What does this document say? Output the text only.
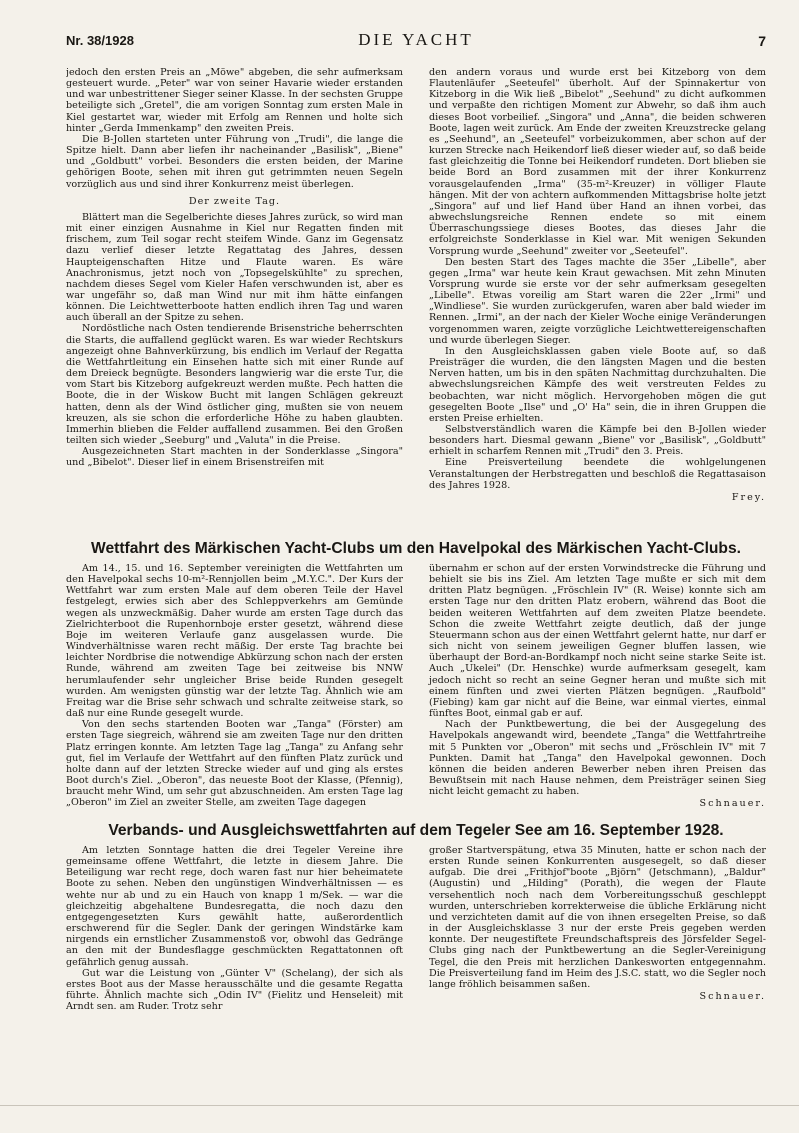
Nr. 38/1928	DIE YACHT	7

jedoch den ersten Preis an „Möwe" abgeben, die sehr aufmerksam gesteuert wurde. „Peter" war von seiner Havarie wieder erstanden und war unbestrittener Sieger seiner Klasse. In der sechsten Gruppe beteiligte sich „Gretel", die am vorigen Sonntag zum ersten Male in Kiel gestartet war, wieder mit Erfolg am Rennen und holte sich hinter „Gerda Immenkamp" den zweiten Preis.

Die B-Jollen starteten unter Führung von „Trudi", die lange die Spitze hielt. Dann aber liefen ihr nacheinander „Basilisk", „Biene" und „Goldbutt" vorbei. Besonders die ersten beiden, der Marine gehörigen Boote, sehen mit ihren gut getrimmten neuen Segeln vorzüglich aus und sind ihrer Konkurrenz meist überlegen.

Der zweite Tag.

Blättert man die Segelberichte dieses Jahres zurück, so wird man mit einer einzigen Ausnahme in Kiel nur Regatten finden mit frischem, zum Teil sogar recht steifem Winde. Ganz im Gegensatz dazu verlief dieser letzte Regattatag des Jahres, dessen Haupteigenschaften Hitze und Flaute waren. Es wäre Anachronismus, jetzt noch von „Topsegelskühlte" zu sprechen, nachdem dieses Segel vom Kieler Hafen verschwunden ist, aber es war ungefähr so, daß man Wind nur mit ihm hätte einfangen können. Die Leichtwetterboote hatten endlich ihren Tag und waren auch überall an der Spitze zu sehen.

Nordöstliche nach Osten tendierende Brisenstriche beherrschten die Starts, die auffallend geglückt waren. Es war wieder Rechtskurs angezeigt ohne Bahnverkürzung, bis endlich im Verlauf der Regatta die Wettfahrtleitung ein Einsehen hatte sich mit einer Runde auf dem Dreieck begnügte. Besonders langwierig war die erste Tur, die vom Start bis Kitzeborg aufgekreuzt werden mußte. Pech hatten die Boote, die in der Wiskow Bucht mit langen Schlägen gekreuzt hatten, denn als der Wind östlicher ging, mußten sie von neuem kreuzen, als sie schon die erforderliche Höhe zu haben glaubten. Immerhin blieben die Felder auffallend zusammen. Bei den Großen teilten sich wieder „Seeburg" und „Valuta" in die Preise.

Ausgezeichneten Start machten in der Sonderklasse „Singora" und „Bibelot". Dieser lief in einem Brisenstreifen mit

den andern voraus und wurde erst bei Kitzeborg von dem Flautenläufer „Seeteufel" überholt. Auf der Spinnakertur von Kitzeborg in die Wik ließ „Bibelot" „Seehund" zu dicht aufkommen und verpaßte den richtigen Moment zur Abwehr, so daß ihm auch dieses Boot vorbeilief. „Singora" und „Anna", die beiden schweren Boote, lagen weit zurück. Am Ende der zweiten Kreuzstrecke gelang es „Seehund", an „Seeteufel" vorbeizukommen, aber schon auf der kurzen Strecke nach Heikendorf ließ dieser wieder auf, so daß beide fast gleichzeitig die Tonne bei Heikendorf rundeten. Dort blieben sie beide Bord an Bord zusammen mit der ihrer Konkurrenz vorausgelaufenden „Irma" (35-m²-Kreuzer) in völliger Flaute hängen. Mit der von achtern aufkommenden Mittagsbrise holte jetzt „Singora" auf und lief Hand über Hand an ihnen vorbei, das abwechslungsreiche Rennen endete so mit einem Überraschungssiege dieses Bootes, das dieses Jahr die erfolgreichste Sonderklasse in Kiel war. Mit wenigen Sekunden Vorsprung wurde „Seehund" zweiter vor „Seeteufel".

Den besten Start des Tages machte die 35er „Libelle", aber gegen „Irma" war heute kein Kraut gewachsen. Mit zehn Minuten Vorsprung wurde sie erste vor der sehr aufmerksam gesegelten „Libelle". Etwas voreilig am Start waren die 22er „Irmi" und „Windliese". Sie wurden zurückgerufen, waren aber bald wieder im Rennen. „Irmi", an der nach der Kieler Woche einige Veränderungen vorgenommen waren, zeigte vorzügliche Leichtwettereigenschaften und wurde überlegen Sieger.

In den Ausgleichsklassen gaben viele Boote auf, so daß Preisträger die wurden, die den längsten Magen und die besten Nerven hatten, um bis in den späten Nachmittag durchzuhalten. Die abwechslungsreichen Kämpfe des weit verstreuten Feldes zu beobachten, war nicht möglich. Hervorgehoben mögen die gut gesegelten Boote „Ilse" und „O' Ha" sein, die in ihren Gruppen die ersten Preise erhielten.

Selbstverständlich waren die Kämpfe bei den B-Jollen wieder besonders hart. Diesmal gewann „Biene" vor „Basilisk", „Goldbutt" erhielt in scharfem Rennen mit „Trudi" den 3. Preis.

Eine Preisverteilung beendete die wohlgelungenen Veranstaltungen der Herbstregatten und beschloß die Regattasaison des Jahres 1928.

Frey.

Wettfahrt des Märkischen Yacht-Clubs um den Havelpokal des Märkischen Yacht-Clubs.

Am 14., 15. und 16. September vereinigten die Wettfahrten um den Havelpokal sechs 10-m²-Rennjollen beim „M.Y.C.". Der Kurs der Wettfahrt war zum ersten Male auf dem oberen Teile der Havel festgelegt, erwies sich aber des Schleppverkehrs am Gemünde wegen als unzweckmäßig. Daher wurde am ersten Tage durch das Zielrichterboot die Rupenhornboje erster gesetzt, während diese Boje im weiteren Verlaufe ganz ausgelassen wurde. Die Windverhältnisse waren recht mäßig. Der erste Tag brachte bei leichter Nordbrise die notwendige Abkürzung schon nach der ersten Runde, während am zweiten Tage bei zeitweise bis NNW herumlaufender sehr ungleicher Brise beide Runden gesegelt wurden. Am wenigsten günstig war der letzte Tag. Ähnlich wie am Freitag war die Brise sehr schwach und schralte zeitweise stark, so daß nur eine Runde gesegelt wurde.

Von den sechs startenden Booten war „Tanga" (Förster) am ersten Tage siegreich, während sie am zweiten Tage nur den dritten Platz erringen konnte. Am letzten Tage lag „Tanga" zu Anfang sehr gut, fiel im Verlaufe der Wettfahrt auf den fünften Platz zurück und holte dann auf der letzten Strecke wieder auf und ging als erstes Boot durch's Ziel. „Oberon", das neueste Boot der Klasse, (Pfennig), braucht mehr Wind, um sehr gut abzuschneiden. Am ersten Tage lag „Oberon" im Ziel an zweiter Stelle, am zweiten Tage dagegen

übernahm er schon auf der ersten Vorwindstrecke die Führung und behielt sie bis ins Ziel. Am letzten Tage mußte er sich mit dem dritten Platz begnügen. „Fröschlein IV" (R. Weise) konnte sich am ersten Tage nur den dritten Platz erobern, während das Boot die beiden weiteren Wettfahrten auf dem zweiten Platze beendete. Schon die zweite Wettfahrt zeigte deutlich, daß der junge Steuermann schon aus der einen Wettfahrt gelernt hatte, nur darf er sich nicht von seinem jeweiligen Gegner bluffen lassen, wie überhaupt der Bord-an-Bordkampf noch nicht seine starke Seite ist. Auch „Ukelei" (Dr. Henschke) wurde aufmerksam gesegelt, kam jedoch nicht so recht an seine Gegner heran und mußte sich mit einem fünften und zwei vierten Plätzen begnügen. „Raufbold" (Fiebing) kam gar nicht auf die Beine, war einmal viertes, einmal fünftes Boot, einmal gab er auf.

Nach der Punktbewertung, die bei der Ausgegelung des Havelpokals angewandt wird, beendete „Tanga" die Wettfahrtreihe mit 5 Punkten vor „Oberon" mit sechs und „Fröschlein IV" mit 7 Punkten. Damit hat „Tanga" den Havelpokal gewonnen. Doch können die beiden anderen Bewerber neben ihren Preisen das Bewußtsein mit nach Hause nehmen, dem Preisträger seinen Sieg nicht leicht gemacht zu haben.

Schnauer.

Verbands- und Ausgleichswettfahrten auf dem Tegeler See am 16. September 1928.

Am letzten Sonntage hatten die drei Tegeler Vereine ihre gemeinsame offene Wettfahrt, die letzte in diesem Jahre. Die Beteiligung war recht rege, doch waren fast nur hier beheimatete Boote zu sehen. Neben den ungünstigen Windverhältnissen — es wehte nur ab und zu ein Hauch von knapp 1 m/Sek. — war die gleichzeitig abgehaltene Bundesregatta, die noch dazu den entgegengesetzten Kurs gewählt hatte, außerordentlich erschwerend für die Segler. Dank der geringen Windstärke kam nirgends ein ernstlicher Zusammenstoß vor, obwohl das Gedränge an den mit der Bundesflagge geschmückten Regattatonnen oft gefährlich genug aussah.

Gut war die Leistung von „Günter V" (Schelang), der sich als erstes Boot aus der Masse herausschälte und die gesamte Regatta führte. Ähnlich machte sich „Odin IV" (Fielitz und Henseleit) mit Arndt sen. am Ruder. Trotz sehr

großer Startverspätung, etwa 35 Minuten, hatte er schon nach der ersten Runde seinen Konkurrenten ausgesegelt, so daß dieser aufgab. Die drei „Frithjof"boote „Björn" (Jetschmann), „Baldur" (Augustin) und „Hilding" (Porath), die wegen der Flaute versehentlich noch nach dem Vorbereitungsschuß geschleppt wurden, unterschrieben korrekterweise die übliche Erklärung nicht und verzichteten damit auf die von ihnen ersegelten Preise, so daß in der Ausgleichsklasse 3 nur der erste Preis gegeben werden konnte. Der neugestiftete Freundschaftspreis des Jörsfelder Segel-Clubs ging nach der Punktbewertung an die Segler-Vereinigung Tegel, die den Preis mit herzlichen Dankesworten entgegennahm. Die Preisverteilung fand im Heim des J.S.C. statt, wo die Segler noch lange fröhlich beisammen saßen.

Schnauer.
